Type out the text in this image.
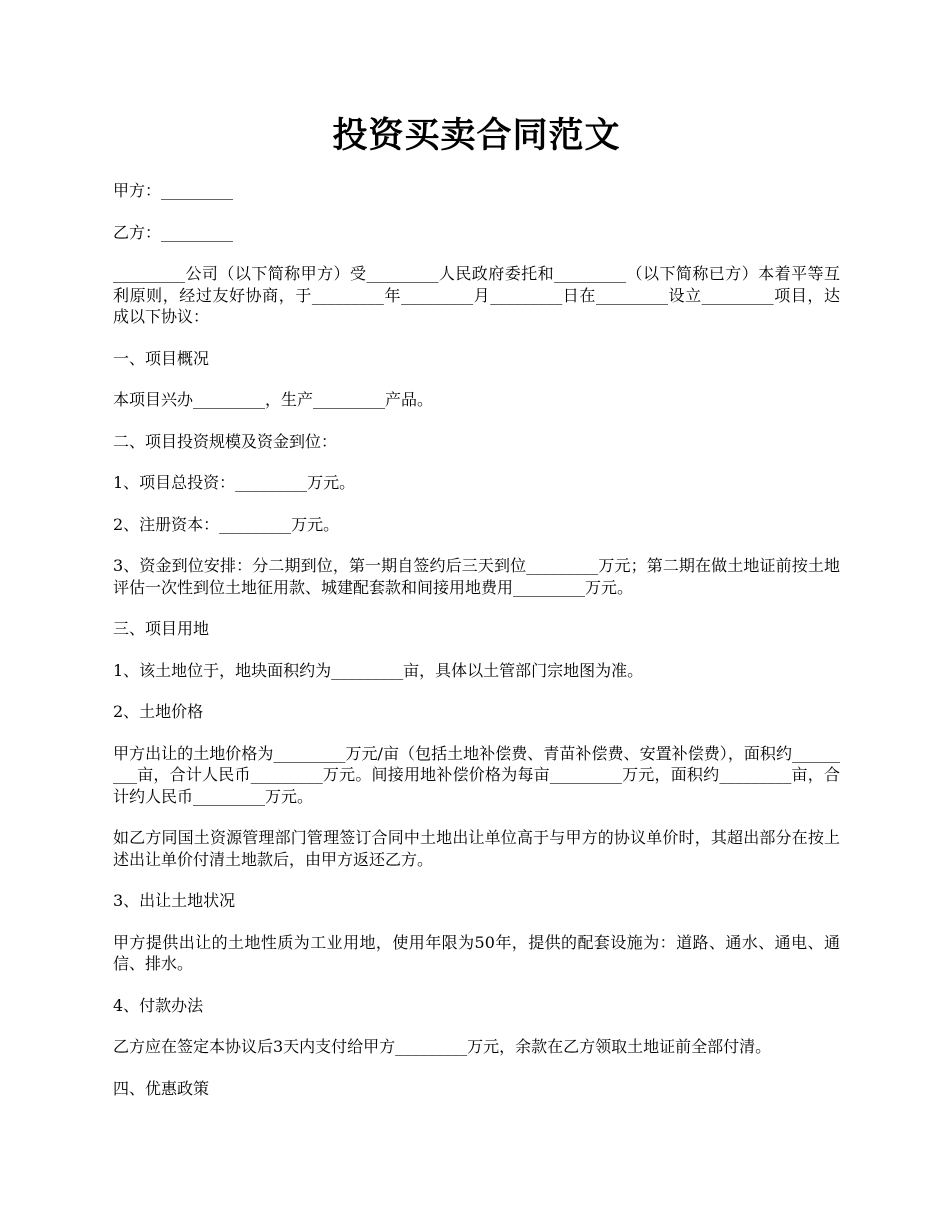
投资买卖合同范文

甲方：_________

乙方：_________

_________公司（以下简称甲方）受_________人民政府委托和_________（以下简称已方）本着平等互利原则，经过友好协商，于_________年_________月_________日在_________设立_________项目，达成以下协议：

一、项目概况

本项目兴办_________，生产_________产品。

二、项目投资规模及资金到位：

1、项目总投资：_________万元。

2、注册资本：_________万元。

3、资金到位安排：分二期到位，第一期自签约后三天到位_________万元；第二期在做土地证前按土地评估一次性到位土地征用款、城建配套款和间接用地费用_________万元。

三、项目用地

1、该土地位于，地块面积约为_________亩，具体以土管部门宗地图为准。

2、土地价格

甲方出让的土地价格为_________万元/亩（包括土地补偿费、青苗补偿费、安置补偿费），面积约_________亩，合计人民币_________万元。间接用地补偿价格为每亩_________万元，面积约_________亩，合计约人民币_________万元。

如乙方同国土资源管理部门管理签订合同中土地出让单位高于与甲方的协议单价时，其超出部分在按上述出让单价付清土地款后，由甲方返还乙方。

3、出让土地状况

甲方提供出让的土地性质为工业用地，使用年限为50年，提供的配套设施为：道路、通水、通电、通信、排水。

4、付款办法

乙方应在签定本协议后3天内支付给甲方_________万元，余款在乙方领取土地证前全部付清。

四、优惠政策
